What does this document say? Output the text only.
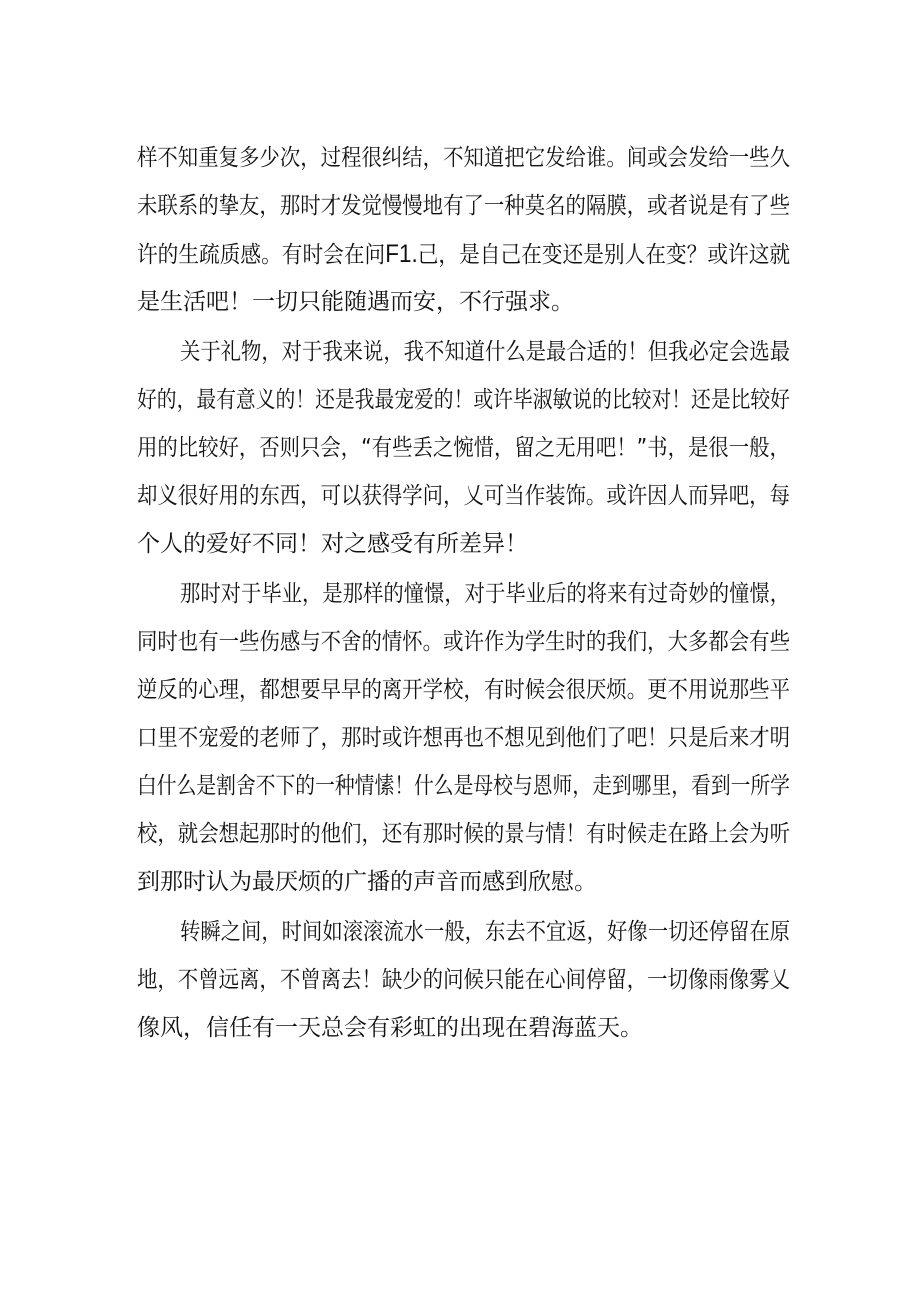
样不知重复多少次，过程很纠结，不知道把它发给谁。间或会发给一些久
未联系的挚友，那时才发觉慢慢地有了一种莫名的隔膜，或者说是有了些
许的生疏质感。有时会在问F1.己，是自己在变还是别人在变？或许这就
是生活吧！一切只能随遇而安，不行强求。
关于礼物，对于我来说，我不知道什么是最合适的！但我必定会选最
好的，最有意义的！还是我最宠爱的！或许毕淑敏说的比较对！还是比较好
用的比较好，否则只会，“有些丢之惋惜，留之无用吧！”书，是很一般，
却义很好用的东西，可以获得学问，乂可当作装饰。或许因人而异吧，每
个人的爱好不同！对之感受有所差异！
那时对于毕业，是那样的憧憬，对于毕业后的将来有过奇妙的憧憬，
同时也有一些伤感与不舍的情怀。或许作为学生时的我们，大多都会有些
逆反的心理，都想要早早的离开学校，有时候会很厌烦。更不用说那些平
口里不宠爱的老师了，那时或许想再也不想见到他们了吧！只是后来才明
白什么是割舍不下的一种情愫！什么是母校与恩师，走到哪里，看到一所学
校，就会想起那时的他们，还有那时候的景与情！有时候走在路上会为听
到那时认为最厌烦的广播的声音而感到欣慰。
转瞬之间，时间如滚滚流水一般，东去不宜返，好像一切还停留在原
地，不曾远离，不曾离去！缺少的问候只能在心间停留，一切像雨像雾乂
像风，信任有一天总会有彩虹的出现在碧海蓝天。
